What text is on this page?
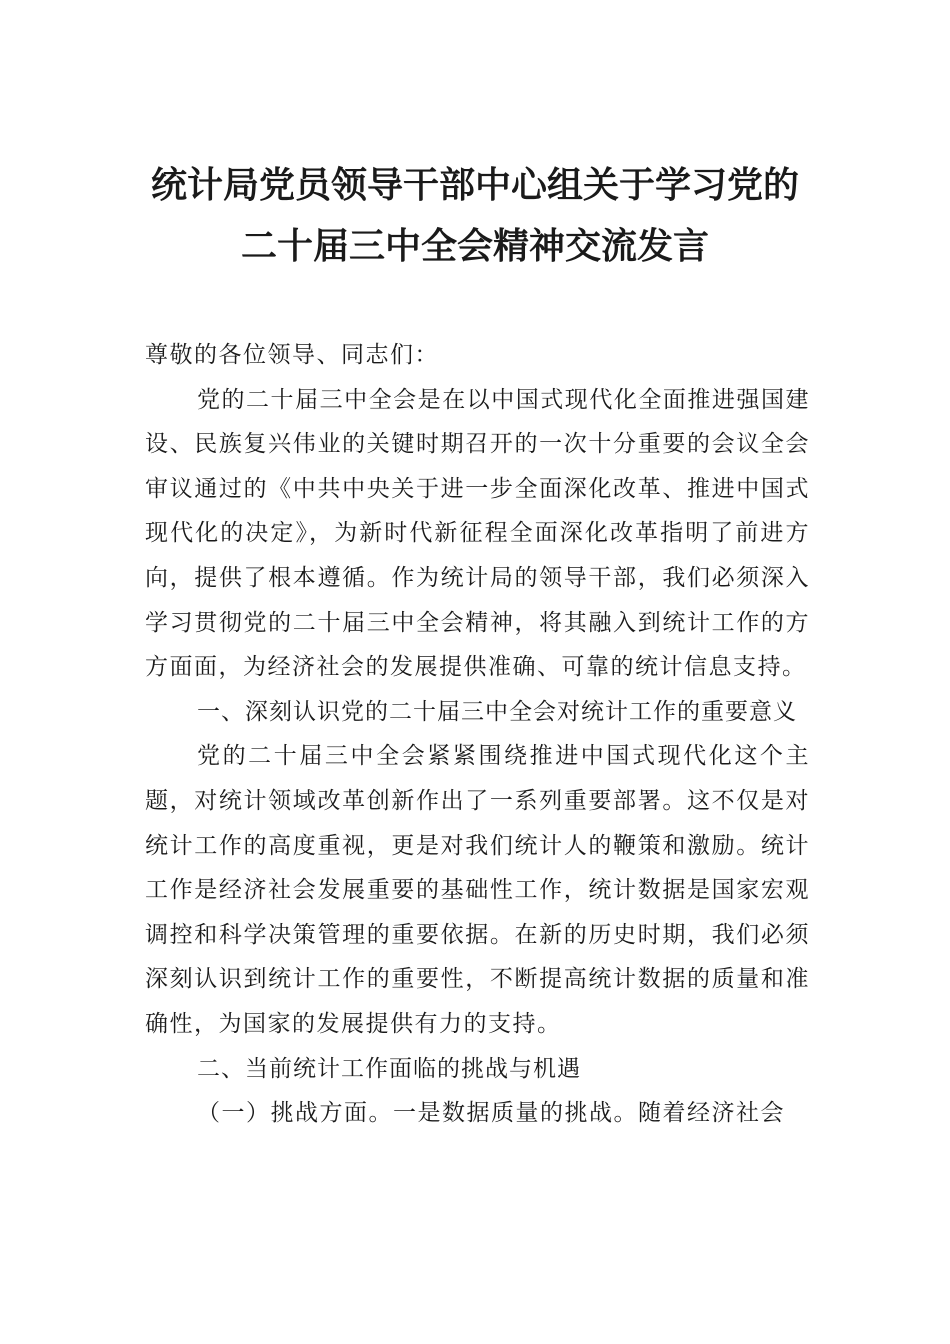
统计局党员领导干部中心组关于学习党的
二十届三中全会精神交流发言

尊敬的各位领导、同志们：

党的二十届三中全会是在以中国式现代化全面推进强国建设、民族复兴伟业的关键时期召开的一次十分重要的会议全会审议通过的《中共中央关于进一步全面深化改革、推进中国式现代化的决定》，为新时代新征程全面深化改革指明了前进方向，提供了根本遵循。作为统计局的领导干部，我们必须深入学习贯彻党的二十届三中全会精神，将其融入到统计工作的方方面面，为经济社会的发展提供准确、可靠的统计信息支持。

一、深刻认识党的二十届三中全会对统计工作的重要意义

党的二十届三中全会紧紧围绕推进中国式现代化这个主题，对统计领域改革创新作出了一系列重要部署。这不仅是对统计工作的高度重视，更是对我们统计人的鞭策和激励。统计工作是经济社会发展重要的基础性工作，统计数据是国家宏观调控和科学决策管理的重要依据。在新的历史时期，我们必须深刻认识到统计工作的重要性，不断提高统计数据的质量和准确性，为国家的发展提供有力的支持。

二、当前统计工作面临的挑战与机遇

（一）挑战方面。一是数据质量的挑战。随着经济社会
